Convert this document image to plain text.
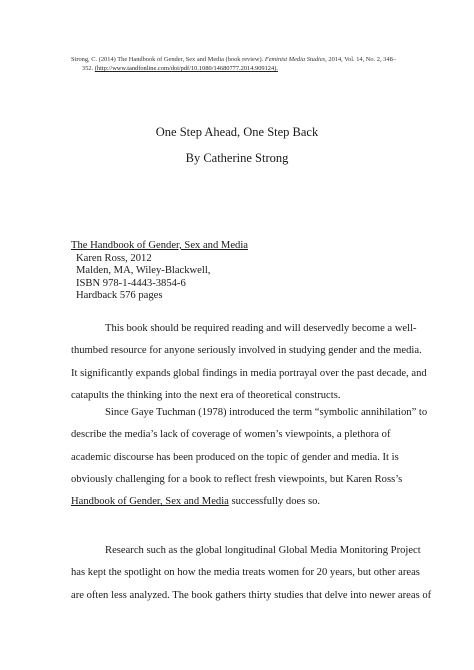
Strong, C. (2014) The Handbook of Gender, Sex and Media (book review). Feminist Media Studies, 2014, Vol. 14, No. 2, 348–
352. (http://www.tandfonline.com/doi/pdf/10.1080/14680777.2014.909124).
One Step Ahead, One Step Back
By Catherine Strong
The Handbook of Gender, Sex and Media
Karen Ross, 2012
Malden, MA, Wiley-Blackwell,
ISBN 978-1-4443-3854-6
Hardback 576 pages
This book should be required reading and will deservedly become a well-
thumbed resource for anyone seriously involved in studying gender and the media.
It significantly expands global findings in media portrayal over the past decade, and
catapults the thinking into the next era of theoretical constructs.
Since Gaye Tuchman (1978) introduced the term “symbolic annihilation” to
describe the media’s lack of coverage of women’s viewpoints, a plethora of
academic discourse has been produced on the topic of gender and media. It is
obviously challenging for a book to reflect fresh viewpoints, but Karen Ross’s
Handbook of Gender, Sex and Media successfully does so.
Research such as the global longitudinal Global Media Monitoring Project
has kept the spotlight on how the media treats women for 20 years, but other areas
are often less analyzed. The book gathers thirty studies that delve into newer areas of
